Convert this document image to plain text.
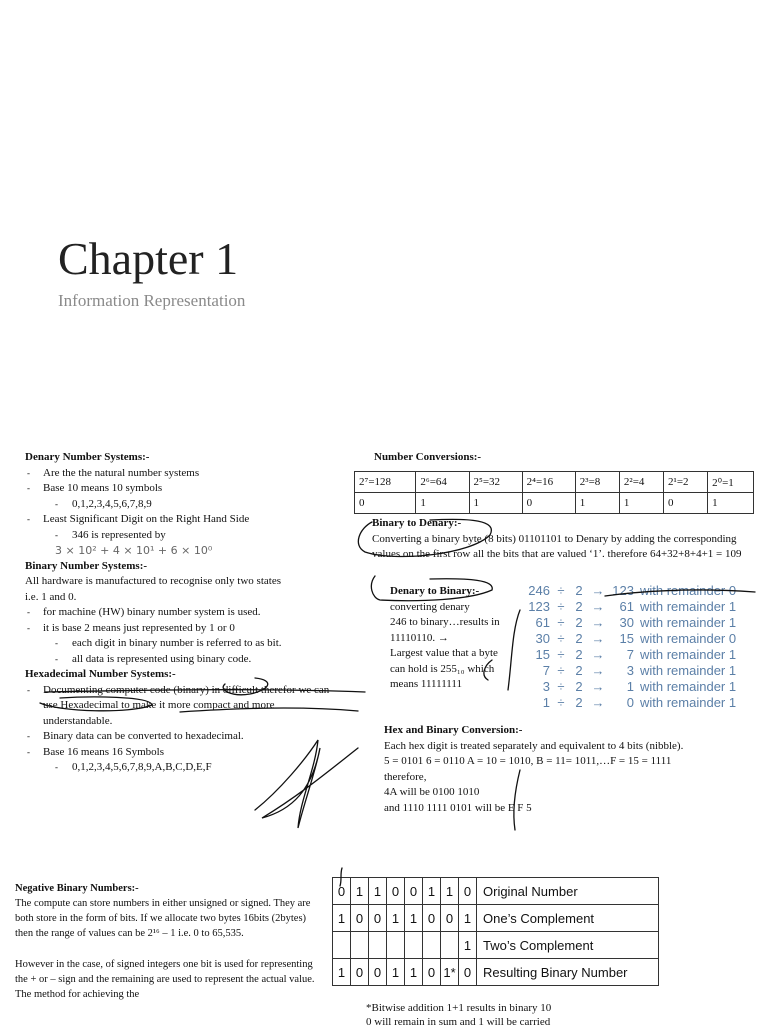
Chapter 1
Information Representation
Denary Number Systems:-
- Are the the natural number systems
- Base 10 means 10 symbols
- 0,1,2,3,4,5,6,7,8,9
- Least Significant Digit on the Right Hand Side
- 346 is represented by
3 × 10² + 4 × 10¹ + 6 × 10⁰
Binary Number Systems:-
All hardware is manufactured to recognise only two states i.e. 1 and 0.
- for machine (HW) binary number system is used.
- it is base 2 means just represented by 1 or 0
- each digit in binary number is referred to as bit.
- all data is represented using binary code.
Hexadecimal Number Systems:-
- Documenting computer code (binary) in difficult therefor we can use Hexadecimal to make it more compact and more understandable.
- Binary data can be converted to hexadecimal.
- Base 16 means 16 Symbols
- 0,1,2,3,4,5,6,7,8,9,A,B,C,D,E,F
Number Conversions:-
2⁷=128	2⁶=64	2⁵=32	2⁴=16	2³=8	2²=4	2¹=2	2⁰=1
0	1	1	0	1	1	0	1
Binary to Denary:-
Converting a binary byte (8 bits) 01101101 to Denary by adding the corresponding values on the first row all the bits that are valued ‘1’. therefore 64+32+8+4+1 = 109
Denary to Binary:-
converting denary
246 to binary…results in
11110110. →
Largest value that a byte
can hold is 255₁₀ which
means 11111111
246 ÷ 2 → 123 with remainder 0
123 ÷ 2 →	61 with remainder 1
61 ÷ 2 →	30 with remainder 1
30 ÷ 2 →	15 with remainder 0
15 ÷ 2 →	7 with remainder 1
7 ÷ 2 →	3 with remainder 1
3 ÷ 2 →	1 with remainder 1
1 ÷ 2 →	0 with remainder 1
Hex and Binary Conversion:-
Each hex digit is treated separately and equivalent to 4 bits (nibble).
5 = 0101 6 = 0110 A = 10 = 1010, B = 11= 1011,…F = 15 = 1111
therefore,
4A will be 0100 1010
and 1110 1111 0101 will be E F 5
Negative Binary Numbers:-
The compute can store numbers in either unsigned or signed. They are both store in the form of bits. If we allocate two bytes 16bits (2bytes) then the range of values can be 2¹⁶ – 1 i.e. 0 to 65,535.
However in the case, of signed integers one bit is used for representing the + or – sign and the remaining are used to represent the actual value. The method for achieving the
0	1	1	0	0	1	1	0	Original Number
1	0	0	1	1	0	0	1	One’s Complement
							1	Two’s Complement
1	0	0	1	1	0	1*	0	Resulting Binary Number
*Bitwise addition 1+1 results in binary 10
0 will remain in sum and 1 will be carried
